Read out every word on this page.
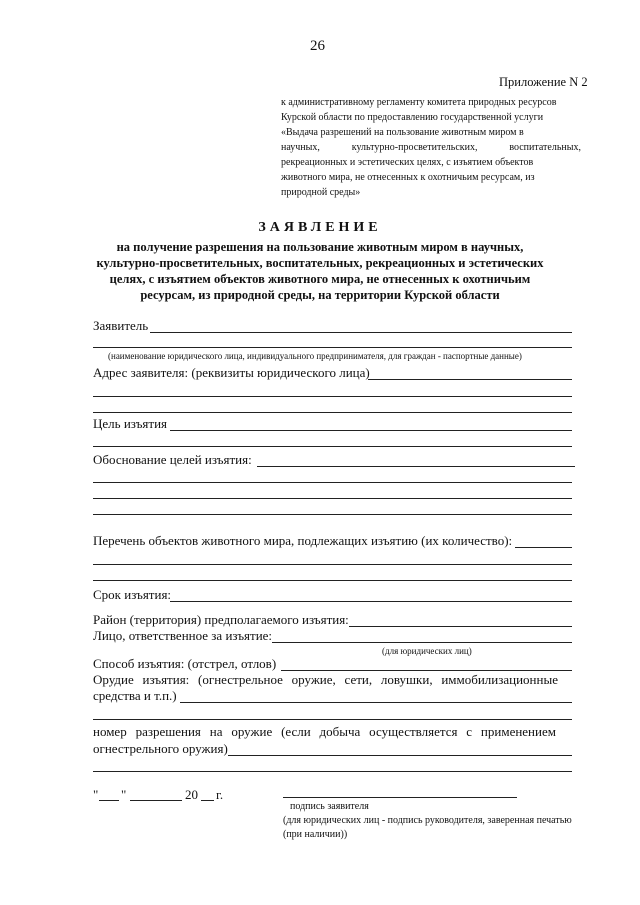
26
Приложение N 2
к административному регламенту комитета природных ресурсов
Курской области по предоставлению государственной услуги
«Выдача разрешений на пользование животным миром в
научных,	культурно-просветительских,	воспитательных,
рекреационных и эстетических целях, с изъятием объектов
животного мира, не отнесенных к охотничьим ресурсам, из
природной среды»
ЗАЯВЛЕНИЕ
на получение разрешения на пользование животным миром в научных,
культурно-просветительных, воспитательных, рекреационных и эстетических
целях, с изъятием объектов животного мира, не отнесенных к охотничьим
ресурсам, из природной среды, на территории Курской области
Заявитель
(наименование юридического лица, индивидуального предпринимателя, для граждан - паспортные данные)
Адрес заявителя: (реквизиты юридического лица)
Цель изъятия
Обоснование целей изъятия:
Перечень объектов животного мира, подлежащих изъятию (их количество):
Срок изъятия:
Район (территория) предполагаемого изъятия:
Лицо, ответственное за изъятие:
(для юридических лиц)
Способ изъятия: (отстрел, отлов)
Орудие изъятия: (огнестрельное оружие, сети, ловушки, иммобилизационные
средства и т.п.)
номер разрешения на оружие (если добыча осуществляется с применением
огнестрельного оружия)
" "	20 г.
подпись заявителя
(для юридических лиц - подпись руководителя, заверенная печатью
(при наличии))
